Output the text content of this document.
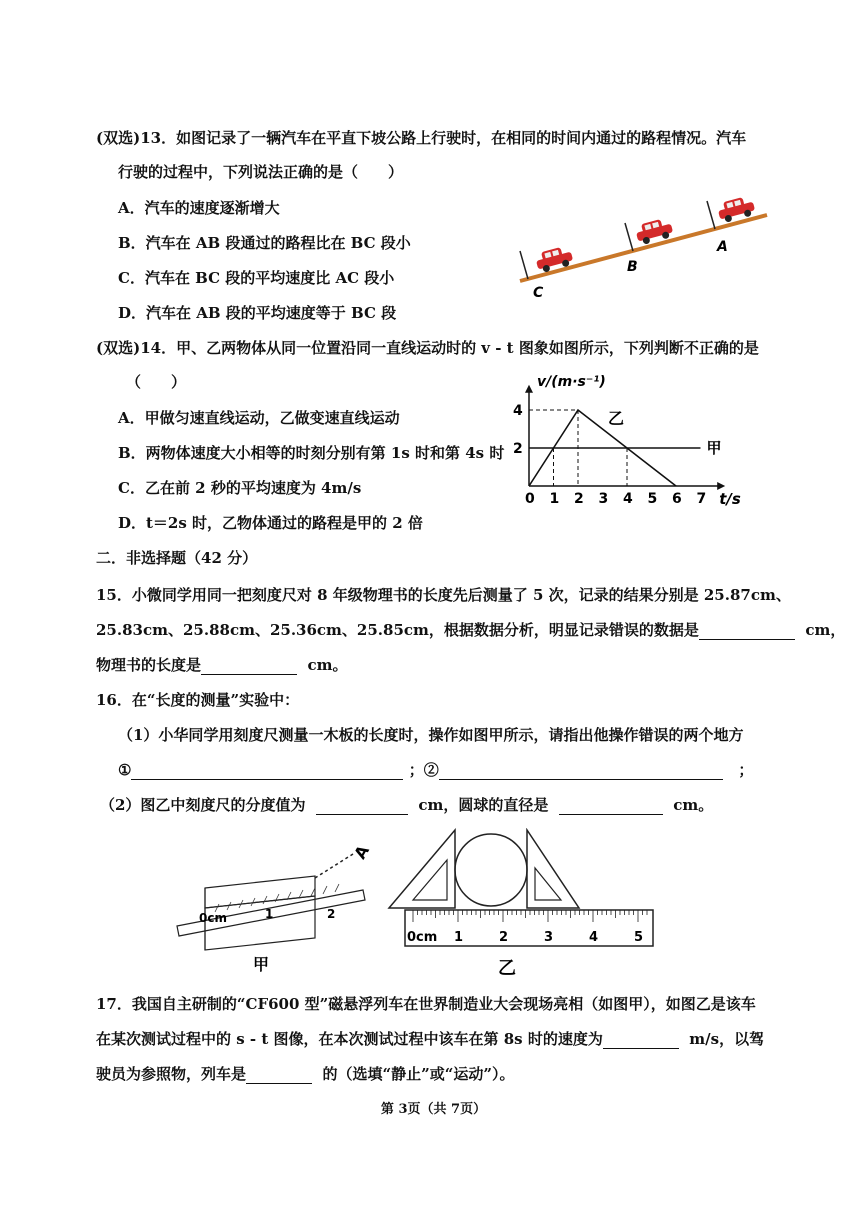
(双选)13．如图记录了一辆汽车在平直下坡公路上行驶时，在相同的时间内通过的路程情况。汽车
行驶的过程中，下列说法正确的是（　　）
A．汽车的速度逐渐增大
B．汽车在 AB 段通过的路程比在 BC 段小
C．汽车在 BC 段的平均速度比 AC 段小
D．汽车在 AB 段的平均速度等于 BC 段
C
B
A
(双选)14．甲、乙两物体从同一位置沿同一直线运动时的 v - t 图象如图所示，下列判断不正确的是
（　　）
A．甲做匀速直线运动，乙做变速直线运动
B．两物体速度大小相等的时刻分别有第 1s 时和第 4s 时
C．乙在前 2 秒的平均速度为 4m/s
D．t＝2s 时，乙物体通过的路程是甲的 2 倍
v/(m·s⁻¹)
t/s
0 1 2 3 4 5 6 7
2
4
甲
乙
二．非选择题（42 分）
15．小微同学用同一把刻度尺对 8 年级物理书的长度先后测量了 5 次，记录的结果分别是 25.87cm、
25.83cm、25.88cm、25.36cm、25.85cm，根据数据分析，明显记录错误的数据是	cm，
物理书的长度是	cm。
16．在“长度的测量”实验中：
（1）小华同学用刻度尺测量一木板的长度时，操作如图甲所示，请指出他操作错误的两个地方
①	；②	；
（2）图乙中刻度尺的分度值为	cm，圆球的直径是	cm。
A
0cm	1	2
甲
0cm 1	2	3	4	5
乙
17．我国自主研制的“CF600 型”磁悬浮列车在世界制造业大会现场亮相（如图甲），如图乙是该车
在某次测试过程中的 s - t 图像，在本次测试过程中该车在第 8s 时的速度为	m/s，以驾
驶员为参照物，列车是	的（选填“静止”或“运动”）。
第 3页（共 7页）
